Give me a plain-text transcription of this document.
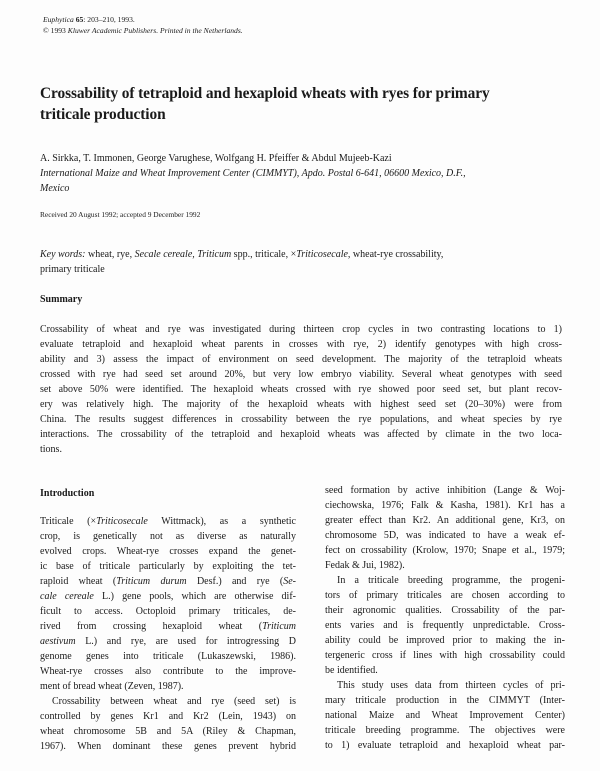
Euphytica 65: 203–210, 1993.
© 1993 Kluwer Academic Publishers. Printed in the Netherlands.
Crossability of tetraploid and hexaploid wheats with ryes for primary
triticale production
A. Sirkka, T. Immonen, George Varughese, Wolfgang H. Pfeiffer & Abdul Mujeeb-Kazi
International Maize and Wheat Improvement Center (CIMMYT), Apdo. Postal 6-641, 06600 Mexico, D.F.,
Mexico
Received 20 August 1992; accepted 9 December 1992
Key words: wheat, rye, Secale cereale, Triticum spp., triticale, ×Triticosecale, wheat-rye crossability,
primary triticale
Summary
Crossability of wheat and rye was investigated during thirteen crop cycles in two contrasting locations to 1)
evaluate tetraploid and hexaploid wheat parents in crosses with rye, 2) identify genotypes with high cross-
ability and 3) assess the impact of environment on seed development. The majority of the tetraploid wheats
crossed with rye had seed set around 20%, but very low embryo viability. Several wheat genotypes with seed
set above 50% were identified. The hexaploid wheats crossed with rye showed poor seed set, but plant recov-
ery was relatively high. The majority of the hexaploid wheats with highest seed set (20–30%) were from
China. The results suggest differences in crossability between the rye populations, and wheat species by rye
interactions. The crossability of the tetraploid and hexaploid wheats was affected by climate in the two loca-
tions.
Introduction
Triticale (×Triticosecale Wittmack), as a synthetic
crop, is genetically not as diverse as naturally
evolved crops. Wheat-rye crosses expand the genet-
ic base of triticale particularly by exploiting the tet-
raploid wheat (Triticum durum Desf.) and rye (Se-
cale cereale L.) gene pools, which are otherwise dif-
ficult to access. Octoploid primary triticales, de-
rived from crossing hexaploid wheat (Triticum
aestivum L.) and rye, are used for introgressing D
genome genes into triticale (Lukaszewski, 1986).
Wheat-rye crosses also contribute to the improve-
ment of bread wheat (Zeven, 1987).
Crossability between wheat and rye (seed set) is
controlled by genes Kr1 and Kr2 (Lein, 1943) on
wheat chromosome 5B and 5A (Riley & Chapman,
1967). When dominant these genes prevent hybrid
seed formation by active inhibition (Lange & Woj-
ciechowska, 1976; Falk & Kasha, 1981). Kr1 has a
greater effect than Kr2. An additional gene, Kr3, on
chromosome 5D, was indicated to have a weak ef-
fect on crossability (Krolow, 1970; Snape et al., 1979;
Fedak & Jui, 1982).
In a triticale breeding programme, the progeni-
tors of primary triticales are chosen according to
their agronomic qualities. Crossability of the par-
ents varies and is frequently unpredictable. Cross-
ability could be improved prior to making the in-
tergeneric cross if lines with high crossability could
be identified.
This study uses data from thirteen cycles of pri-
mary triticale production in the CIMMYT (Inter-
national Maize and Wheat Improvement Center)
triticale breeding programme. The objectives were
to 1) evaluate tetraploid and hexaploid wheat par-
